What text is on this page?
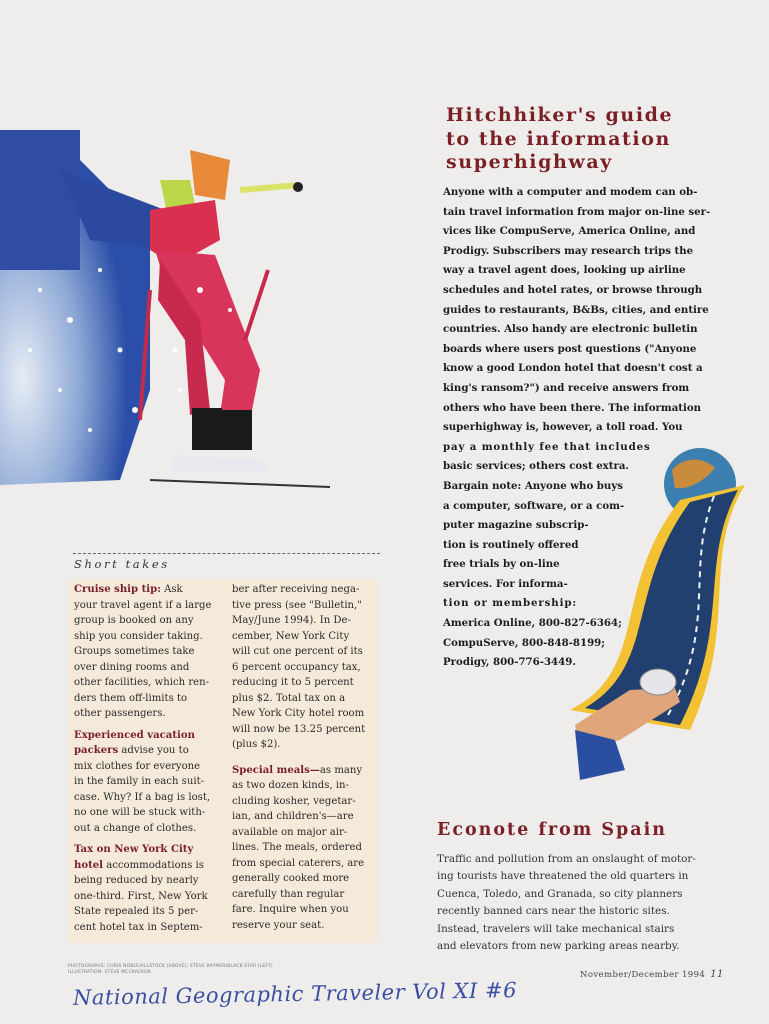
Hitchhiker's guide
to the information
superhighway
Anyone with a computer and modem can ob-
tain travel information from major on-line ser-
vices like CompuServe, America Online, and
Prodigy. Subscribers may research trips the
way a travel agent does, looking up airline
schedules and hotel rates, or browse through
guides to restaurants, B&Bs, cities, and entire
countries. Also handy are electronic bulletin
boards where users post questions ("Anyone
know a good London hotel that doesn't cost a
king's ransom?") and receive answers from
others who have been there. The information
superhighway is, however, a toll road. You
pay a monthly fee that includes
basic services; others cost extra.
Bargain note: Anyone who buys
a computer, software, or a com-
puter magazine subscrip-
tion is routinely offered
free trials by on-line
services. For informa-
tion or membership:
America Online, 800-827-6364;
CompuServe, 800-848-8199;
Prodigy, 800-776-3449.
Short takes
Cruise ship tip: Ask
your travel agent if a large
group is booked on any
ship you consider taking.
Groups sometimes take
over dining rooms and
other facilities, which ren-
ders them off-limits to
other passengers.
Experienced vacation
packers advise you to
mix clothes for everyone
in the family in each suit-
case. Why? If a bag is lost,
no one will be stuck with-
out a change of clothes.
Tax on New York City
hotel accommodations is
being reduced by nearly
one-third. First, New York
State repealed its 5 per-
cent hotel tax in Septem-
ber after receiving nega-
tive press (see "Bulletin,"
May/June 1994). In De-
cember, New York City
will cut one percent of its
6 percent occupancy tax,
reducing it to 5 percent
plus $2. Total tax on a
New York City hotel room
will now be 13.25 percent
(plus $2).
Special meals—as many
as two dozen kinds, in-
cluding kosher, vegetar-
ian, and children's—are
available on major air-
lines. The meals, ordered
from special caterers, are
generally cooked more
carefully than regular
fare. Inquire when you
reserve your seat.
Econote from Spain
Traffic and pollution from an onslaught of motor-
ing tourists have threatened the old quarters in
Cuenca, Toledo, and Granada, so city planners
recently banned cars near the historic sites.
Instead, travelers will take mechanical stairs
and elevators from new parking areas nearby.
PHOTOGRAPHS: CHRIS NOBLE/ALLSTOCK (ABOVE); STEVE RAYMER/BLACK STAR (LEFT)
ILLUSTRATION: STEVE MCCRACKEN	November/December 1994 11
National Geographic Traveler Vol XI #6
